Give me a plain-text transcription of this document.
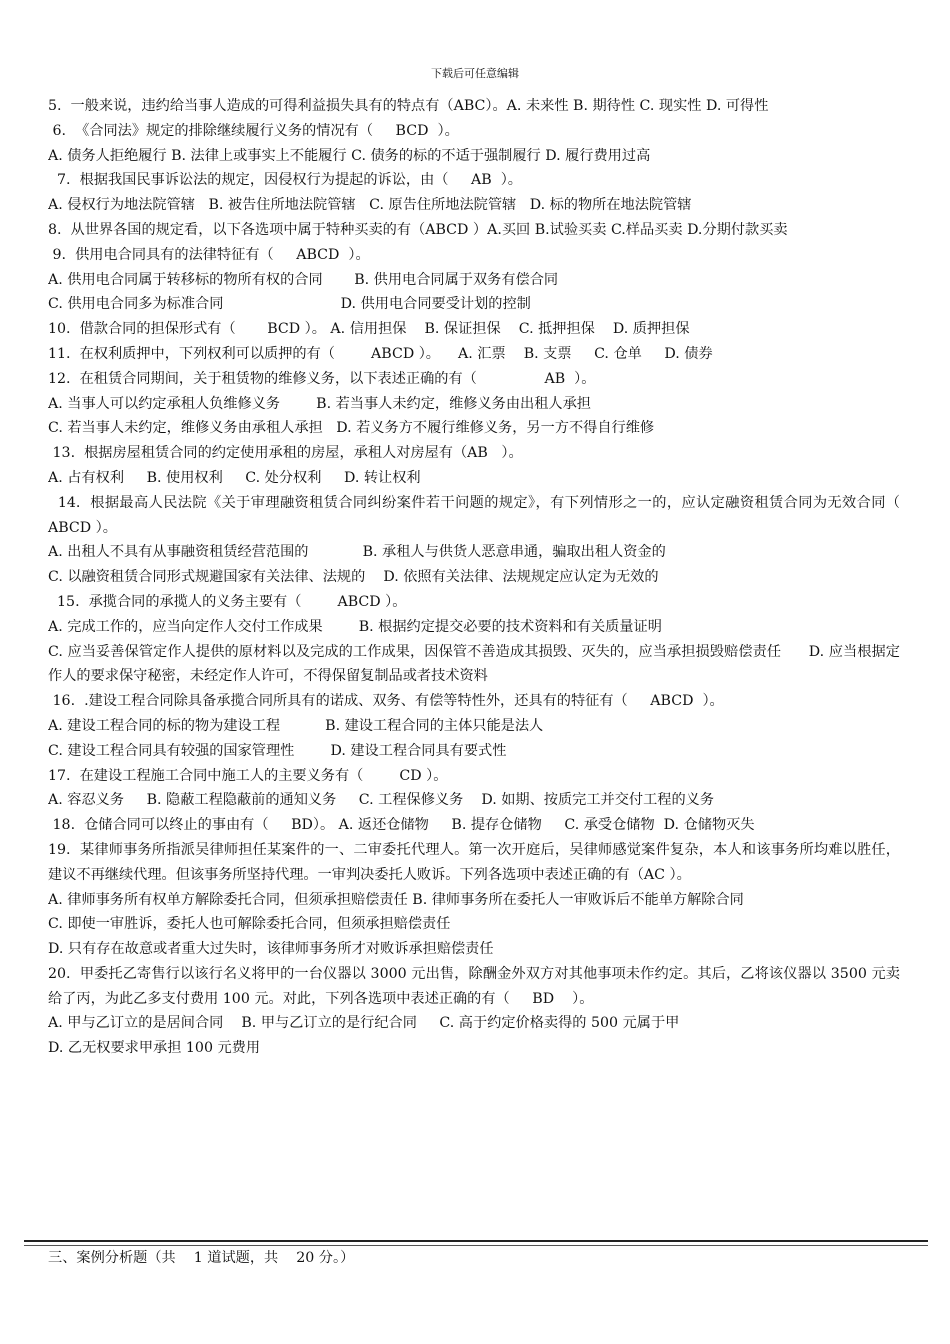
下载后可任意编辑
5.  一般来说，违约给当事人造成的可得利益损失具有的特点有（ABC）。A. 未来性 B. 期待性 C. 现实性 D. 可得性
6.  《合同法》规定的排除继续履行义务的情况有（     BCD  ）。
A. 债务人拒绝履行 B. 法律上或事实上不能履行 C. 债务的标的不适于强制履行 D. 履行费用过高
7.  根据我国民事诉讼法的规定，因侵权行为提起的诉讼，由（     AB  ）。
A. 侵权行为地法院管辖   B. 被告住所地法院管辖   C. 原告住所地法院管辖   D. 标的物所在地法院管辖
8.  从世界各国的规定看，以下各选项中属于特种买卖的有（ABCD ）A.买回 B.试验买卖 C.样品买卖 D.分期付款买卖
9.  供用电合同具有的法律特征有（     ABCD  ）。
A. 供用电合同属于转移标的物所有权的合同       B. 供用电合同属于双务有偿合同
C. 供用电合同多为标准合同                          D. 供用电合同要受计划的控制
10.  借款合同的担保形式有（       BCD ）。 A. 信用担保    B. 保证担保    C. 抵押担保    D. 质押担保
11.  在权利质押中，下列权利可以质押的有（        ABCD ）。    A. 汇票    B. 支票     C. 仓单     D. 债券
12.  在租赁合同期间，关于租赁物的维修义务，以下表述正确的有（               AB  ）。
A. 当事人可以约定承租人负维修义务        B. 若当事人未约定，维修义务由出租人承担
C. 若当事人未约定，维修义务由承租人承担   D. 若义务方不履行维修义务，另一方不得自行维修
13.  根据房屋租赁合同的约定使用承租的房屋，承租人对房屋有（AB   ）。
A. 占有权利     B. 使用权利     C. 处分权利     D. 转让权利
14.  根据最高人民法院《关于审理融资租赁合同纠纷案件若干问题的规定》，有下列情形之一的，应认定融资租赁合同为无效合同（         ABCD ）。
A. 出租人不具有从事融资租赁经营范围的            B. 承租人与供货人恶意串通，骗取出租人资金的
C. 以融资租赁合同形式规避国家有关法律、法规的    D. 依照有关法律、法规规定应认定为无效的
15.  承揽合同的承揽人的义务主要有（        ABCD ）。
A. 完成工作的，应当向定作人交付工作成果        B. 根据约定提交必要的技术资料和有关质量证明
C. 应当妥善保管定作人提供的原材料以及完成的工作成果，因保管不善造成其损毁、灭失的，应当承担损毁赔偿责任      D. 应当根据定作人的要求保守秘密，未经定作人许可，不得保留复制品或者技术资料
16.  .建设工程合同除具备承揽合同所具有的诺成、双务、有偿等特性外，还具有的特征有（     ABCD  ）。
A. 建设工程合同的标的物为建设工程          B. 建设工程合同的主体只能是法人
C. 建设工程合同具有较强的国家管理性        D. 建设工程合同具有要式性
17.  在建设工程施工合同中施工人的主要义务有（        CD ）。
A. 容忍义务     B. 隐蔽工程隐蔽前的通知义务     C. 工程保修义务    D. 如期、按质完工并交付工程的义务
18.  仓储合同可以终止的事由有（     BD）。 A. 返还仓储物     B. 提存仓储物     C. 承受仓储物  D. 仓储物灭失
19.  某律师事务所指派吴律师担任某案件的一、二审委托代理人。第一次开庭后，吴律师感觉案件复杂，本人和该事务所均难以胜任，建议不再继续代理。但该事务所坚持代理。一审判决委托人败诉。下列各选项中表述正确的有（AC ）。
A. 律师事务所有权单方解除委托合同，但须承担赔偿责任 B. 律师事务所在委托人一审败诉后不能单方解除合同
C. 即使一审胜诉，委托人也可解除委托合同，但须承担赔偿责任
D. 只有存在故意或者重大过失时，该律师事务所才对败诉承担赔偿责任
20.  甲委托乙寄售行以该行名义将甲的一台仪器以 3000 元出售，除酬金外双方对其他事项未作约定。其后，乙将该仪器以 3500 元卖给了丙，为此乙多支付费用 100 元。对此，下列各选项中表述正确的有（     BD    ）。
A. 甲与乙订立的是居间合同    B. 甲与乙订立的是行纪合同     C. 高于约定价格卖得的 500 元属于甲
D. 乙无权要求甲承担 100 元费用
三、案例分析题（共    1 道试题，共    20 分。）
